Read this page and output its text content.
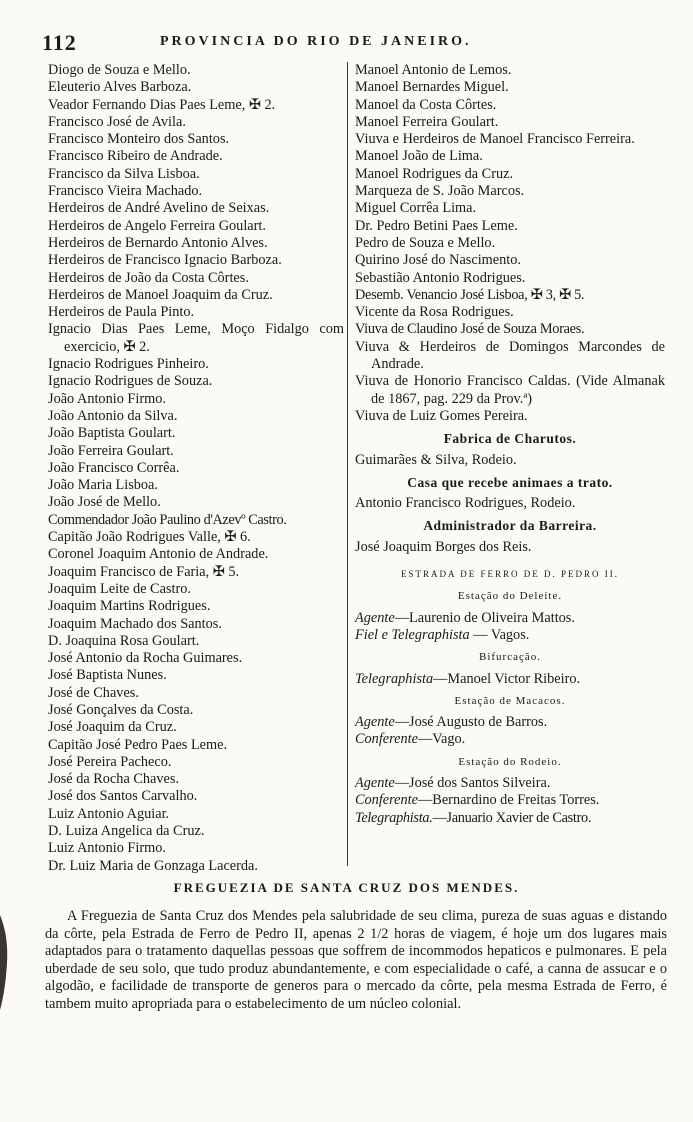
112	PROVINCIA DO RIO DE JANEIRO.
Diogo de Souza e Mello.
Eleuterio Alves Barboza.
Veador Fernando Dias Paes Leme, ✠ 2.
Francisco José de Avila.
Francisco Monteiro dos Santos.
Francisco Ribeiro de Andrade.
Francisco da Silva Lisboa.
Francisco Vieira Machado.
Herdeiros de André Avelino de Seixas.
Herdeiros de Angelo Ferreira Goulart.
Herdeiros de Bernardo Antonio Alves.
Herdeiros de Francisco Ignacio Barboza.
Herdeiros de João da Costa Côrtes.
Herdeiros de Manoel Joaquim da Cruz.
Herdeiros de Paula Pinto.
Ignacio Dias Paes Leme, Moço Fidalgo com exercicio, ✠ 2.
Ignacio Rodrigues Pinheiro.
Ignacio Rodrigues de Souza.
João Antonio Firmo.
João Antonio da Silva.
João Baptista Goulart.
João Ferreira Goulart.
João Francisco Corrêa.
João Maria Lisboa.
João José de Mello.
Commendador João Paulino d'Azevº Castro.
Capitão João Rodrigues Valle, ✠ 6.
Coronel Joaquim Antonio de Andrade.
Joaquim Francisco de Faria, ✠ 5.
Joaquim Leite de Castro.
Joaquim Martins Rodrigues.
Joaquim Machado dos Santos.
D. Joaquina Rosa Goulart.
José Antonio da Rocha Guimares.
José Baptista Nunes.
José de Chaves.
José Gonçalves da Costa.
José Joaquim da Cruz.
Capitão José Pedro Paes Leme.
José Pereira Pacheco.
José da Rocha Chaves.
José dos Santos Carvalho.
Luiz Antonio Aguiar.
D. Luiza Angelica da Cruz.
Luiz Antonio Firmo.
Dr. Luiz Maria de Gonzaga Lacerda.
Manoel Antonio de Lemos.
Manoel Bernardes Miguel.
Manoel da Costa Côrtes.
Manoel Ferreira Goulart.
Viuva e Herdeiros de Manoel Francisco Ferreira.
Manoel João de Lima.
Manoel Rodrigues da Cruz.
Marqueza de S. João Marcos.
Miguel Corrêa Lima.
Dr. Pedro Betini Paes Leme.
Pedro de Souza e Mello.
Quirino José do Nascimento.
Sebastião Antonio Rodrigues.
Desemb. Venancio José Lisboa, ✠ 3, ✠ 5.
Vicente da Rosa Rodrigues.
Viuva de Claudino José de Souza Moraes.
Viuva & Herdeiros de Domingos Marcondes de Andrade.
Viuva de Honorio Francisco Caldas. (Vide Almanak de 1867, pag. 229 da Prov.ª)
Viuva de Luiz Gomes Pereira.
Fabrica de Charutos.
Guimarães & Silva, Rodeio.
Casa que recebe animaes a trato.
Antonio Francisco Rodrigues, Rodeio.
Administrador da Barreira.
José Joaquim Borges dos Reis.
ESTRADA DE FERRO DE D. PEDRO II.
Estação do Deleite.
Agente—Laurenio de Oliveira Mattos.
Fiel e Telegraphista — Vagos.
Bifurcação.
Telegraphista—Manoel Victor Ribeiro.
Estação de Macacos.
Agente—José Augusto de Barros.
Conferente—Vago.
Estação do Rodeio.
Agente—José dos Santos Silveira.
Conferente—Bernardino de Freitas Torres.
Telegraphista.—Januario Xavier de Castro.
FREGUEZIA DE SANTA CRUZ DOS MENDES.
A Freguezia de Santa Cruz dos Mendes pela salubridade de seu clima, pureza de suas aguas e distando da côrte, pela Estrada de Ferro de Pedro II, apenas 2 1/2 horas de viagem, é hoje um dos lugares mais adaptados para o tratamento daquellas pessoas que soffrem de incommodos hepaticos e pulmonares. E pela uberdade de seu solo, que tudo produz abundantemente, e com especialidade o café, a canna de assucar e o algodão, e facilidade de transporte de generos para o mercado da côrte, pela mesma Estrada de Ferro, é tambem muito apropriada para o estabelecimento de um núcleo colonial.
